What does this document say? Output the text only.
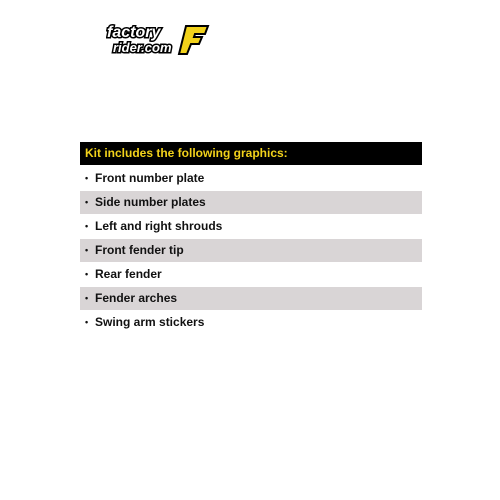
factory
rider.com
Kit includes the following graphics:
• Front number plate
• Side number plates
• Left and right shrouds
• Front fender tip
• Rear fender
• Fender arches
• Swing arm stickers
